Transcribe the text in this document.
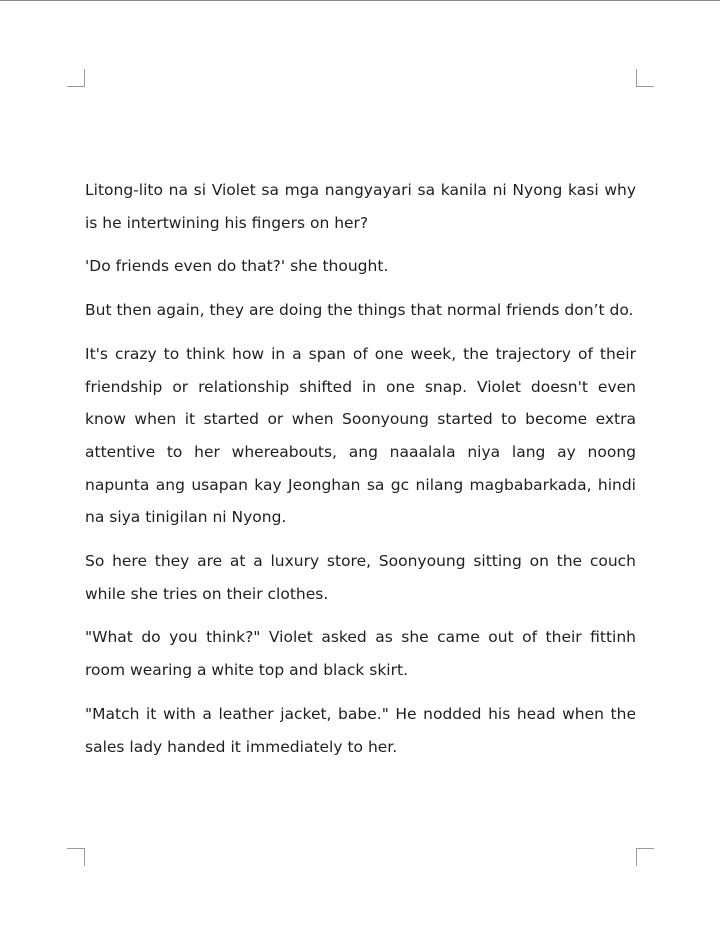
Litong-lito na si Violet sa mga nangyayari sa kanila ni Nyong kasi why is he intertwining his fingers on her?

'Do friends even do that?' she thought.

But then again, they are doing the things that normal friends don’t do.

It's crazy to think how in a span of one week, the trajectory of their friendship or relationship shifted in one snap. Violet doesn't even know when it started or when Soonyoung started to become extra attentive to her whereabouts, ang naaalala niya lang ay noong napunta ang usapan kay Jeonghan sa gc nilang magbabarkada, hindi na siya tinigilan ni Nyong.

So here they are at a luxury store, Soonyoung sitting on the couch while she tries on their clothes.

"What do you think?" Violet asked as she came out of their fittinh room wearing a white top and black skirt.

"Match it with a leather jacket, babe." He nodded his head when the sales lady handed it immediately to her.
